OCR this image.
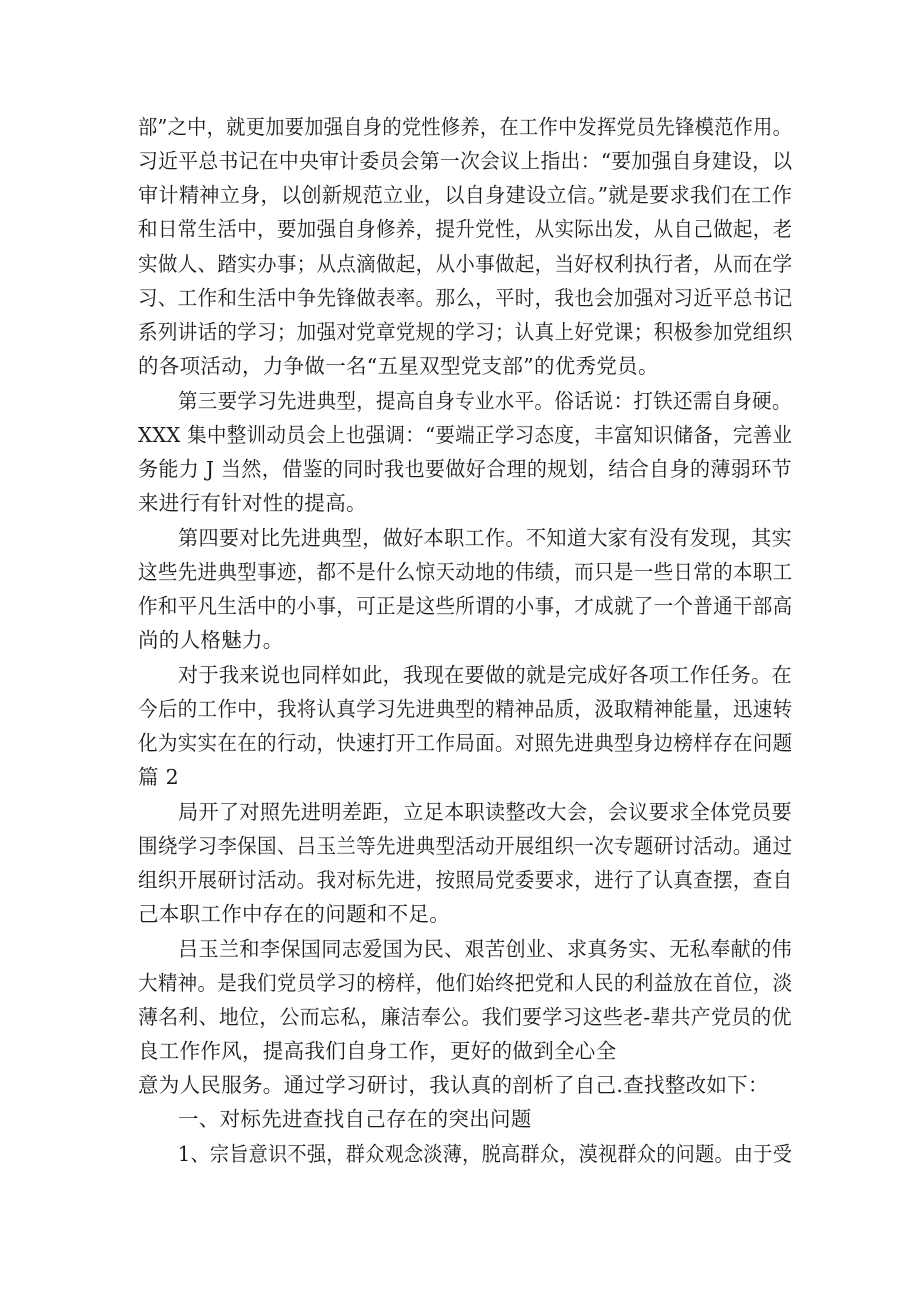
部”之中，就更加要加强自身的党性修养，在工作中发挥党员先锋模范作用。

习近平总书记在中央审计委员会第一次会议上指出：“要加强自身建设，以

审计精神立身，以创新规范立业，以自身建设立信。”就是要求我们在工作

和日常生活中，要加强自身修养，提升党性，从实际出发，从自己做起，老

实做人、踏实办事；从点滴做起，从小事做起，当好权利执行者，从而在学

习、工作和生活中争先锋做表率。那么，平时，我也会加强对习近平总书记

系列讲话的学习；加强对党章党规的学习；认真上好党课；积极参加党组织

的各项活动，力争做一名“五星双型党支部”的优秀党员。

第三要学习先进典型，提高自身专业水平。俗话说：打铁还需自身硬。

XXX 集中整训动员会上也强调：“要端正学习态度，丰富知识储备，完善业

务能力 J 当然，借鉴的同时我也要做好合理的规划，结合自身的薄弱环节

来进行有针对性的提高。

第四要对比先进典型，做好本职工作。不知道大家有没有发现，其实

这些先进典型事迹，都不是什么惊天动地的伟绩，而只是一些日常的本职工

作和平凡生活中的小事，可正是这些所谓的小事，才成就了一个普通干部高

尚的人格魅力。

对于我来说也同样如此，我现在要做的就是完成好各项工作任务。在

今后的工作中，我将认真学习先进典型的精神品质，汲取精神能量，迅速转

化为实实在在的行动，快速打开工作局面。对照先进典型身边榜样存在问题

篇 2

局开了对照先进明差距，立足本职读整改大会，会议要求全体党员要

围绕学习李保国、吕玉兰等先进典型活动开展组织一次专题研讨活动。通过

组织开展研讨活动。我对标先进，按照局党委要求，进行了认真查摆，查自

己本职工作中存在的问题和不足。

吕玉兰和李保国同志爱国为民、艰苦创业、求真务实、无私奉献的伟

大精神。是我们党员学习的榜样，他们始终把党和人民的利益放在首位，淡

薄名利、地位，公而忘私，廉洁奉公。我们要学习这些老-辈共产党员的优

良工作作风，提高我们自身工作，更好的做到全心全

意为人民服务。通过学习研讨，我认真的剖析了自己.查找整改如下：

一、对标先进查找自己存在的突出问题

1、宗旨意识不强，群众观念淡薄，脱高群众，漠视群众的问题。由于受
